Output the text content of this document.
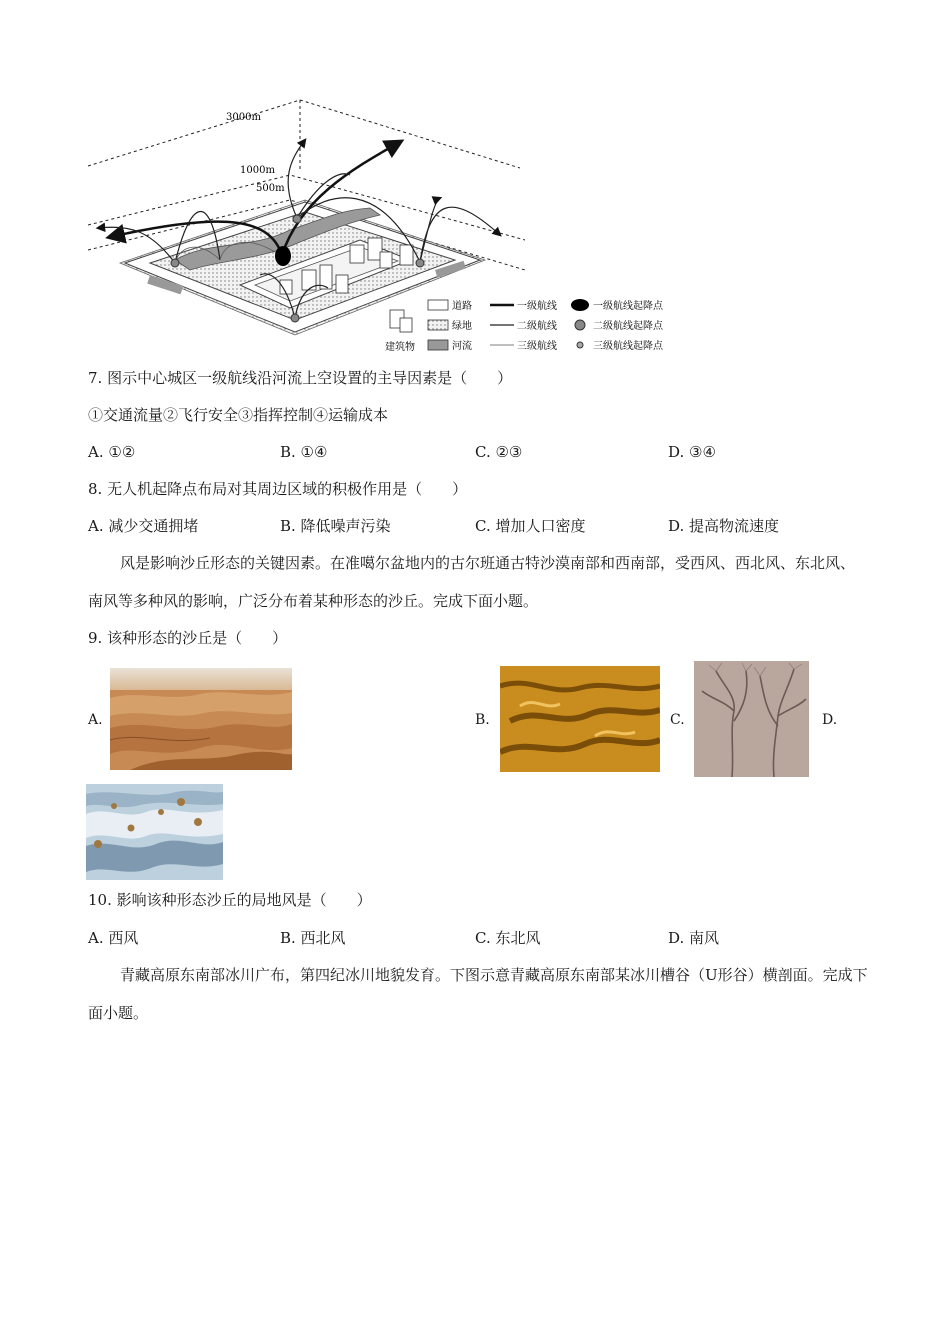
3000m
1000m
500m
建筑物
道路
绿地
河流
一级航线
二级航线
三级航线
一级航线起降点
二级航线起降点
三级航线起降点
7. 图示中心城区一级航线沿河流上空设置的主导因素是（　　）
①交通流量②飞行安全③指挥控制④运输成本
A. ①②	B. ①④	C. ②③	D. ③④
8. 无人机起降点布局对其周边区域的积极作用是（　　）
A. 减少交通拥堵	B. 降低噪声污染	C. 增加人口密度	D. 提高物流速度
风是影响沙丘形态的关键因素。在准噶尔盆地内的古尔班通古特沙漠南部和西南部，受西风、西北风、东北风、南风等多种风的影响，广泛分布着某种形态的沙丘。完成下面小题。
9. 该种形态的沙丘是（　　）
A.	B.	C.	D.
10. 影响该种形态沙丘的局地风是（　　）
A. 西风	B. 西北风	C. 东北风	D. 南风
青藏高原东南部冰川广布，第四纪冰川地貌发育。下图示意青藏高原东南部某冰川槽谷（U形谷）横剖面。完成下面小题。
